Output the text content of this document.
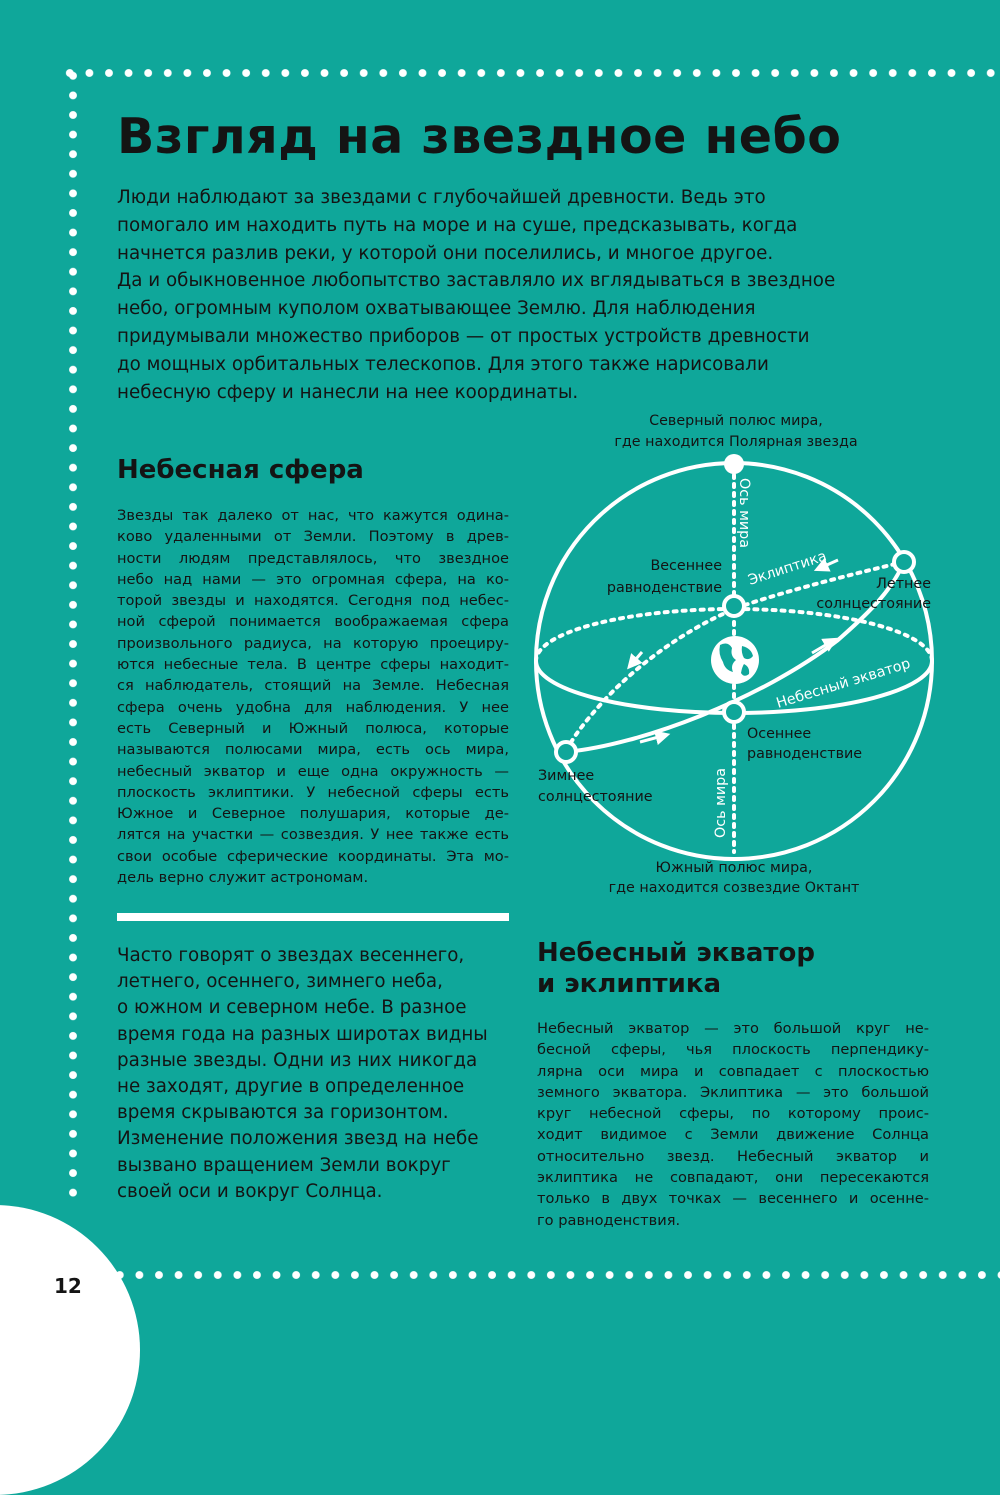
12
Взгляд на звездное небо

Люди наблюдают за звездами с глубочайшей древности. Ведь это
помогало им находить путь на море и на суше, предсказывать, когда
начнется разлив реки, у которой они поселились, и многое другое.
Да и обыкновенное любопытство заставляло их вглядываться в звездное
небо, огромным куполом охватывающее Землю. Для наблюдения
придумывали множество приборов — от простых устройств древности
до мощных орбитальных телескопов. Для этого также нарисовали
небесную сферу и нанесли на нее координаты.

Небесная сфера

Звезды так далеко от нас, что кажутся одина-
ково удаленными от Земли. Поэтому в древ-
ности людям представлялось, что звездное
небо над нами — это огромная сфера, на ко-
торой звезды и находятся. Сегодня под небес-
ной сферой понимается воображаемая сфера
произвольного радиуса, на которую проециру-
ются небесные тела. В центре сферы находит-
ся наблюдатель, стоящий на Земле. Небесная
сфера очень удобна для наблюдения. У нее
есть Северный и Южный полюса, которые
называются полюсами мира, есть ось мира,
небесный экватор и еще одна окружность —
плоскость эклиптики. У небесной сферы есть
Южное и Северное полушария, которые де-
лятся на участки — созвездия. У нее также есть
свои особые сферические координаты. Эта мо-
дель верно служит астрономам.

Часто говорят о звездах весеннего,
летнего, осеннего, зимнего неба,
о южном и северном небе. В разное
время года на разных широтах видны
разные звезды. Одни из них никогда
не заходят, другие в определенное
время скрываются за горизонтом.
Изменение положения звезд на небе
вызвано вращением Земли вокруг
своей оси и вокруг Солнца.

Небесный экватор
и эклиптика

Небесный экватор — это большой круг не-
бесной сферы, чья плоскость перпендику-
лярна оси мира и совпадает с плоскостью
земного экватора. Эклиптика — это большой
круг небесной сферы, по которому проис-
ходит видимое с Земли движение Солнца
относительно звезд. Небесный экватор и
эклиптика не совпадают, они пересекаются
только в двух точках — весеннего и осенне-
го равноденствия.

Северный полюс мира,
где находится Полярная звезда
Ось мира
Ось мира
Эклиптика
Небесный экватор
Весеннее
равноденствие	Летнее
солнцестояние
Осеннее
равноденствие
Зимнее
солнцестояние
Южный полюс мира,
где находится созвездие Октант
